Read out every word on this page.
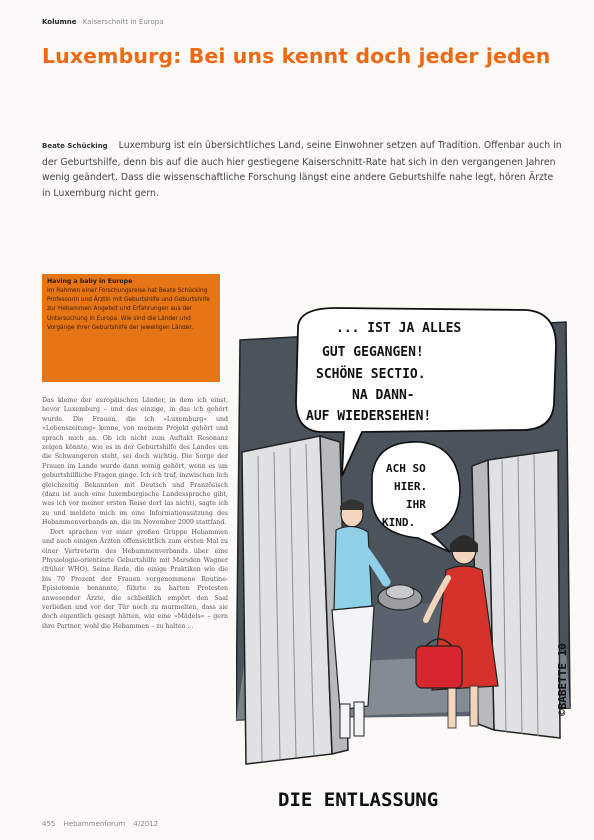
Kolumne Kaiserschnitt in Europa
Luxemburg: Bei uns kennt doch jeder jeden
Beate Schücking Luxemburg ist ein übersichtliches Land, seine Einwohner setzen auf Tradition. Offenbar auch in der Geburtshilfe, denn bis auf die auch hier gestiegene Kaiserschnitt-Rate hat sich in den vergangenen Jahren wenig geändert. Dass die wissenschaftliche Forschung längst eine andere Geburtshilfe nahe legt, hören Ärzte in Luxemburg nicht gern.
Having a baby in Europe
Im Rahmen einer Forschungsreise hat Beate Schücking Professorin und Ärztin mit Geburtshilfe und Geburtshilfe zur Hebammen Angebot und Erfahrungen aus der Untersuchung in Europa. Wie sind die Länder und Vorgänge ihrer Geburtshilfe der jeweiligen Länder.

Das kleine der europäischen Länder, in dem ich einst, bevor Luxemburg – und das einzige, in das ich gehört wurde. Die Frauen, die ich »Luxemburg« und »Lebenszeitung« kenne, von meinem Projekt gehört und sprach mich an. Ob ich nicht zum Auftakt Resonanz zeigen könnte, wie es in der Geburtshilfe des Landes um die Schwangeren steht, sei doch wichtig. Die Sorge der Frauen im Lande wurde dann wenig gehört, wenn es um geburtshilfliche Fragen ginge. Ich ich traf, inzwischen lich gleichzeitig Bekannten mit Deutsch und Französisch (dazu ist auch eine luxemburgische Landessprache gibt, was ich vor meiner ersten Reise dort las nicht), sagte ich zu und meldete mich im eine Informationssitzung des Hebammenverbands an, die im November 2009 stattfand.

Dort sprachen vor einer großen Gruppe Hebammen und auch einigen Ärzten offensichtlich zum ersten Mal zu einer Vertreterin des Hebammenverbands über eine Physiologie-orientierte Geburtshilfe mit Marsden Wagner (früher WHO). Seine Rede, die einige Praktiken wie die bis 70 Prozent der Frauen vorgenommene Routine-Episiotomie benannte, führte zu harten Protesten anwesender Ärzte, die schließlich empört den Saal verließen und vor der Tür noch zu murmelten, dass sie doch eigentlich gesagt hätten, wie eine »Mädels« – gern ihre Partner, wohl die Hebammen – zu halten ...

... IST JA ALLES
GUT GEGANGEN!
SCHÖNE SECTIO.
NA DANN-
AUF WIEDERSEHEN!
ACH SO
HIER.
IHR
KIND.
©BABETTE 10
DIE ENTLASSUNG
455 Hebammenforum 4/2012
